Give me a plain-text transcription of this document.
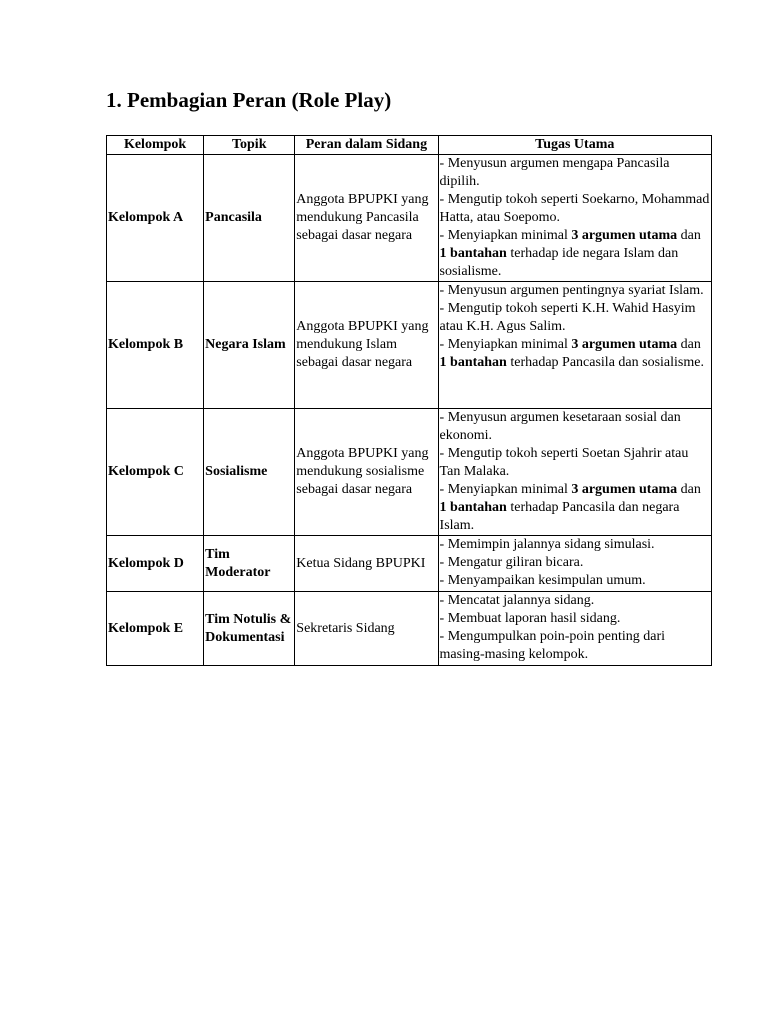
1. Pembagian Peran (Role Play)
Kelompok	Topik	Peran dalam Sidang	Tugas Utama
Kelompok A	Pancasila	Anggota BPUPKI yang mendukung Pancasila sebagai dasar negara	- Menyusun argumen mengapa Pancasila dipilih.
- Mengutip tokoh seperti Soekarno, Mohammad Hatta, atau Soepomo.
- Menyiapkan minimal 3 argumen utama dan 1 bantahan terhadap ide negara Islam dan sosialisme.

Kelompok B	Negara Islam	Anggota BPUPKI yang mendukung Islam sebagai dasar negara	- Menyusun argumen pentingnya syariat Islam.
- Mengutip tokoh seperti K.H. Wahid Hasyim atau K.H. Agus Salim.
- Menyiapkan minimal 3 argumen utama dan 1 bantahan terhadap Pancasila dan sosialisme.

Kelompok C	Sosialisme	Anggota BPUPKI yang mendukung sosialisme sebagai dasar negara	- Menyusun argumen kesetaraan sosial dan ekonomi.
- Mengutip tokoh seperti Soetan Sjahrir atau Tan Malaka.
- Menyiapkan minimal 3 argumen utama dan 1 bantahan terhadap Pancasila dan negara Islam.

Kelompok D	Tim Moderator	Ketua Sidang BPUPKI	- Memimpin jalannya sidang simulasi.
- Mengatur giliran bicara.
- Menyampaikan kesimpulan umum.

Kelompok E	Tim Notulis & Dokumentasi	Sekretaris Sidang	- Mencatat jalannya sidang.
- Membuat laporan hasil sidang.
- Mengumpulkan poin-poin penting dari masing-masing kelompok.
